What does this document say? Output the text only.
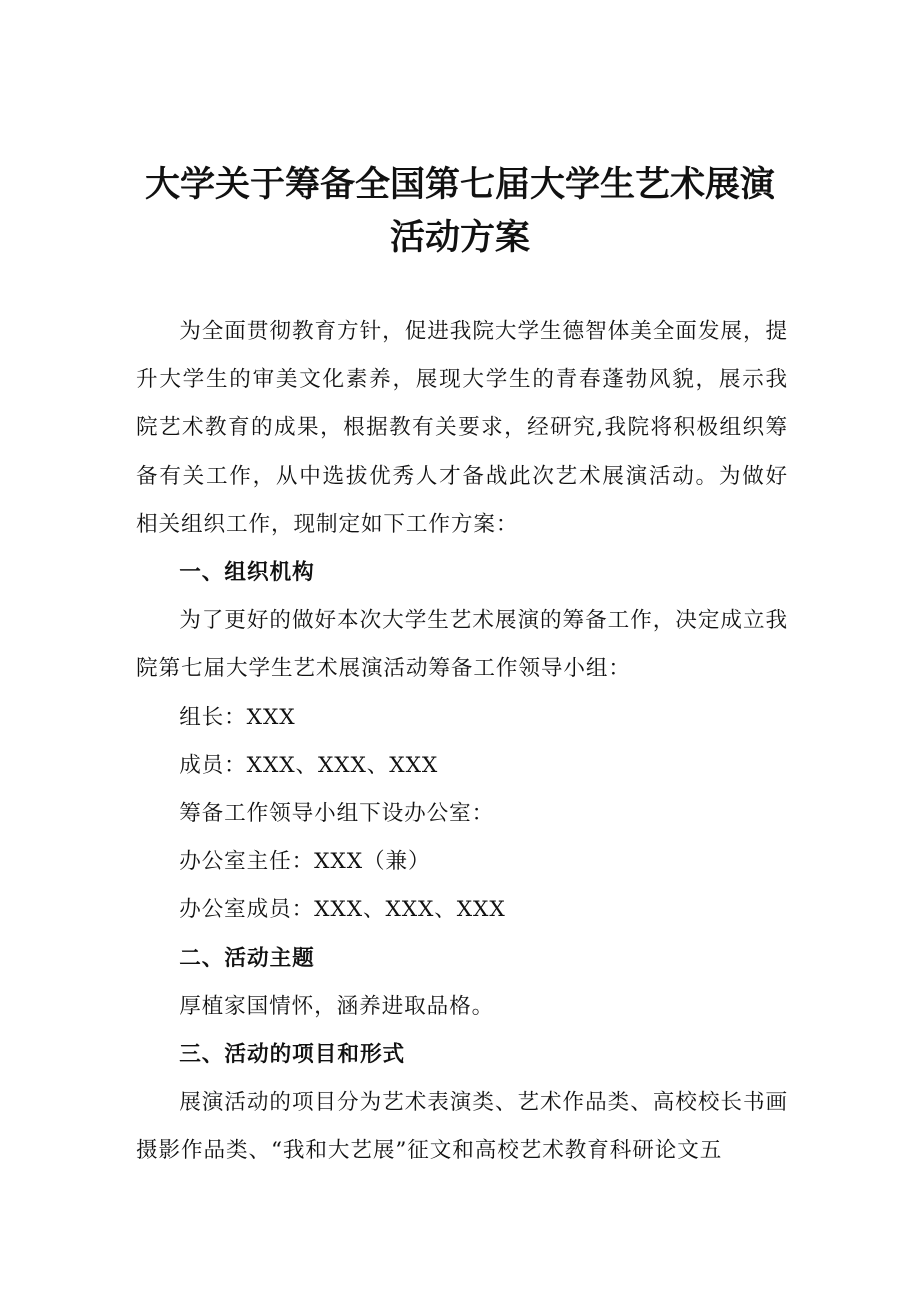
大学关于筹备全国第七届大学生艺术展演
活动方案

为全面贯彻教育方针，促进我院大学生德智体美全面发展，提升大学生的审美文化素养，展现大学生的青春蓬勃风貌，展示我院艺术教育的成果，根据教有关要求，经研究,我院将积极组织筹备有关工作，从中选拔优秀人才备战此次艺术展演活动。为做好相关组织工作，现制定如下工作方案：

一、组织机构

为了更好的做好本次大学生艺术展演的筹备工作，决定成立我院第七届大学生艺术展演活动筹备工作领导小组：

组长：XXX

成员：XXX、XXX、XXX

筹备工作领导小组下设办公室：

办公室主任：XXX（兼）

办公室成员：XXX、XXX、XXX

二、活动主题

厚植家国情怀，涵养进取品格。

三、活动的项目和形式

展演活动的项目分为艺术表演类、艺术作品类、高校校长书画摄影作品类、“我和大艺展”征文和高校艺术教育科研论文五
